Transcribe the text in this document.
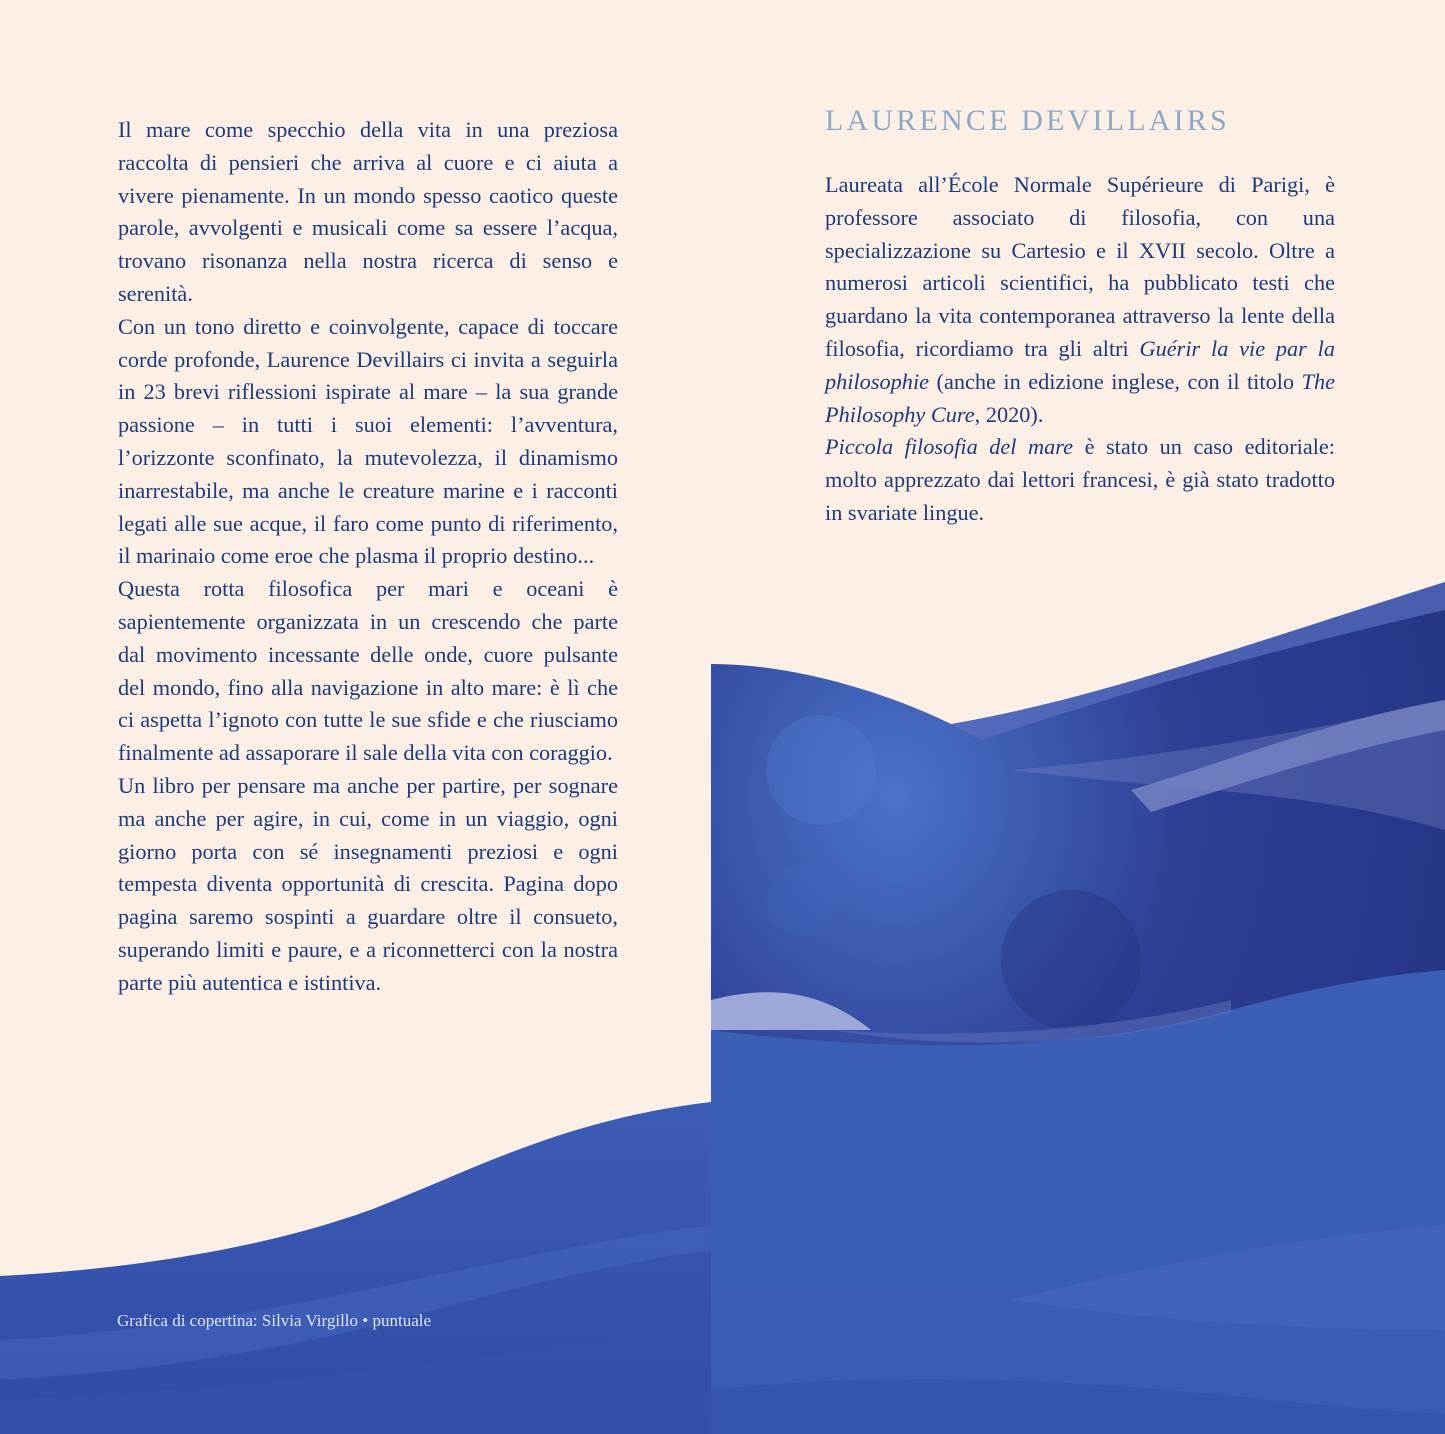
Il mare come specchio della vita in una preziosa raccolta di pensieri che arriva al cuore e ci aiuta a vivere pienamente. In un mondo spesso caotico queste parole, avvolgenti e musicali come sa essere l’acqua, trovano risonanza nella nostra ricerca di senso e serenità.

Con un tono diretto e coinvolgente, capace di toccare corde profonde, Laurence Devillairs ci invita a seguirla in 23 brevi riflessioni ispirate al mare – la sua grande passione – in tutti i suoi elementi: l’avventura, l’orizzonte sconfinato, la mutevolezza, il dinamismo inarrestabile, ma anche le creature marine e i racconti legati alle sue acque, il faro come punto di riferimento, il marinaio come eroe che plasma il proprio destino...

Questa rotta filosofica per mari e oceani è sapientemente organizzata in un crescendo che parte dal movimento incessante delle onde, cuore pulsante del mondo, fino alla navigazione in alto mare: è lì che ci aspetta l’ignoto con tutte le sue sfide e che riusciamo finalmente ad assaporare il sale della vita con coraggio.

Un libro per pensare ma anche per partire, per sognare ma anche per agire, in cui, come in un viaggio, ogni giorno porta con sé insegnamenti preziosi e ogni tempesta diventa opportunità di crescita. Pagina dopo pagina saremo sospinti a guardare oltre il consueto, superando limiti e paure, e a riconnetterci con la nostra parte più autentica e istintiva.

Grafica di copertina: Silvia Virgillo • puntuale
LAURENCE DEVILLAIRS

Laureata all’École Normale Supérieure di Parigi, è professore associato di filosofia, con una specializzazione su Cartesio e il XVII secolo. Oltre a numerosi articoli scientifici, ha pubblicato testi che guardano la vita contemporanea attraverso la lente della filosofia, ricordiamo tra gli altri Guérir la vie par la philosophie (anche in edizione inglese, con il titolo The Philosophy Cure, 2020).

Piccola filosofia del mare è stato un caso editoriale: molto apprezzato dai lettori francesi, è già stato tradotto in svariate lingue.
